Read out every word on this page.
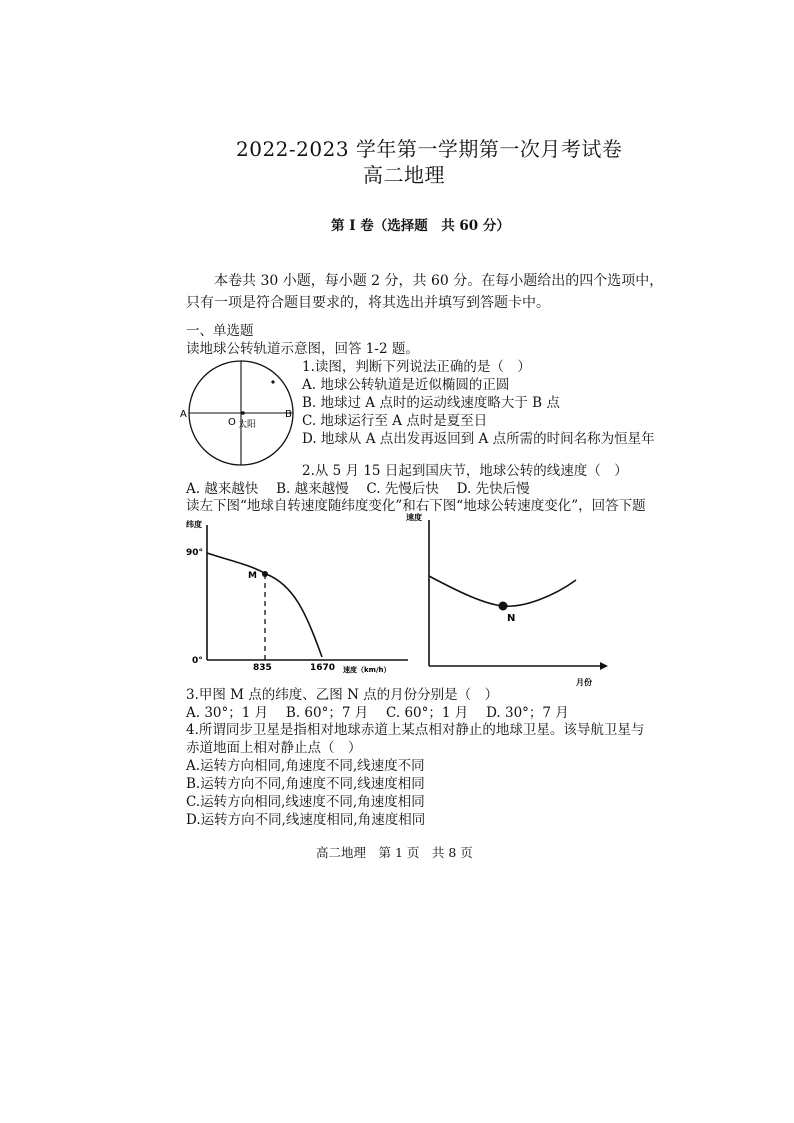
2022-2023 学年第一学期第一次月考试卷
高二地理
第 I 卷（选择题　共 60 分）
本卷共 30 小题，每小题 2 分，共 60 分。在每小题给出的四个选项中，
只有一项是符合题目要求的，将其选出并填写到答题卡中。
一、单选题
读地球公转轨道示意图，回答 1-2 题。
A	B
O 太阳
1.读图，判断下列说法正确的是（　）
A. 地球公转轨道是近似椭圆的正圆
B. 地球过 A 点时的运动线速度略大于 B 点
C. 地球运行至 A 点时是夏至日
D. 地球从 A 点出发再返回到 A 点所需的时间名称为恒星年
2.从 5 月 15 日起到国庆节，地球公转的线速度（　）
A. 越来越快　 B. 越来越慢　 C. 先慢后快　 D. 先快后慢
读左下图“地球自转速度随纬度变化”和右下图“地球公转速度变化”，回答下题
纬度
90°
0°
M
835	1670 速度（km/h）
速度
N
月份
3.甲图 M 点的纬度、乙图 N 点的月份分别是（　）
A. 30°；1 月　 B. 60°；7 月　 C. 60°；1 月　 D. 30°；7 月
4.所谓同步卫星是指相对地球赤道上某点相对静止的地球卫星。该导航卫星与
赤道地面上相对静止点（　）
A.运转方向相同,角速度不同,线速度不同
B.运转方向不同,角速度不同,线速度相同
C.运转方向相同,线速度不同,角速度相同
D.运转方向不同,线速度相同,角速度相同
高二地理　第 1 页　共 8 页
